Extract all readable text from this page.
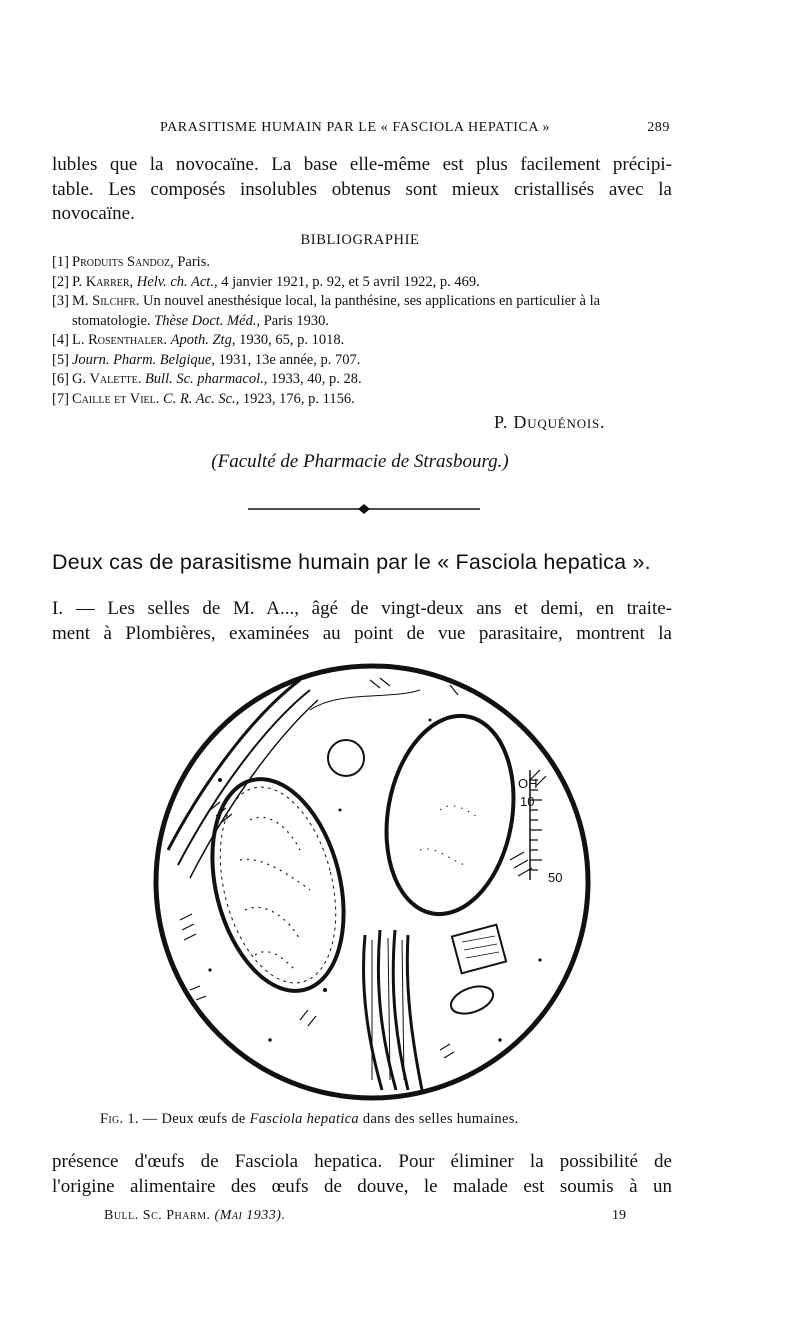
PARASITISME HUMAIN PAR LE « FASCIOLA HEPATICA »	289
lubles que la novocaïne. La base elle-même est plus facilement précipi-
table. Les composés insolubles obtenus sont mieux cristallisés avec la
novocaïne.
BIBLIOGRAPHIE
[1] Produits Sandoz, Paris.
[2] P. Karrer, Helv. ch. Act., 4 janvier 1921, p. 92, et 5 avril 1922, p. 469.
[3] M. Silchfr. Un nouvel anesthésique local, la panthésine, ses applications en particulier à la stomatologie. Thèse Doct. Méd., Paris 1930.
[4] L. Rosenthaler. Apoth. Ztg, 1930, 65, p. 1018.
[5] Journ. Pharm. Belgique, 1931, 13e année, p. 707.
[6] G. Valette. Bull. Sc. pharmacol., 1933, 40, p. 28.
[7] Caille et Viel. C. R. Ac. Sc., 1923, 176, p. 1156.
P. Duquénois.
(Faculté de Pharmacie de Strasbourg.)
Deux cas de parasitisme humain par le « Fasciola hepatica ».
I. — Les selles de M. A..., âgé de vingt-deux ans et demi, en traite-
ment à Plombières, examinées au point de vue parasitaire, montrent la
OH
10
50
Fig. 1. — Deux œufs de Fasciola hepatica dans des selles humaines.
présence d'œufs de Fasciola hepatica. Pour éliminer la possibilité de
l'origine alimentaire des œufs de douve, le malade est soumis à un
Bull. Sc. Pharm. (Mai 1933).	19
